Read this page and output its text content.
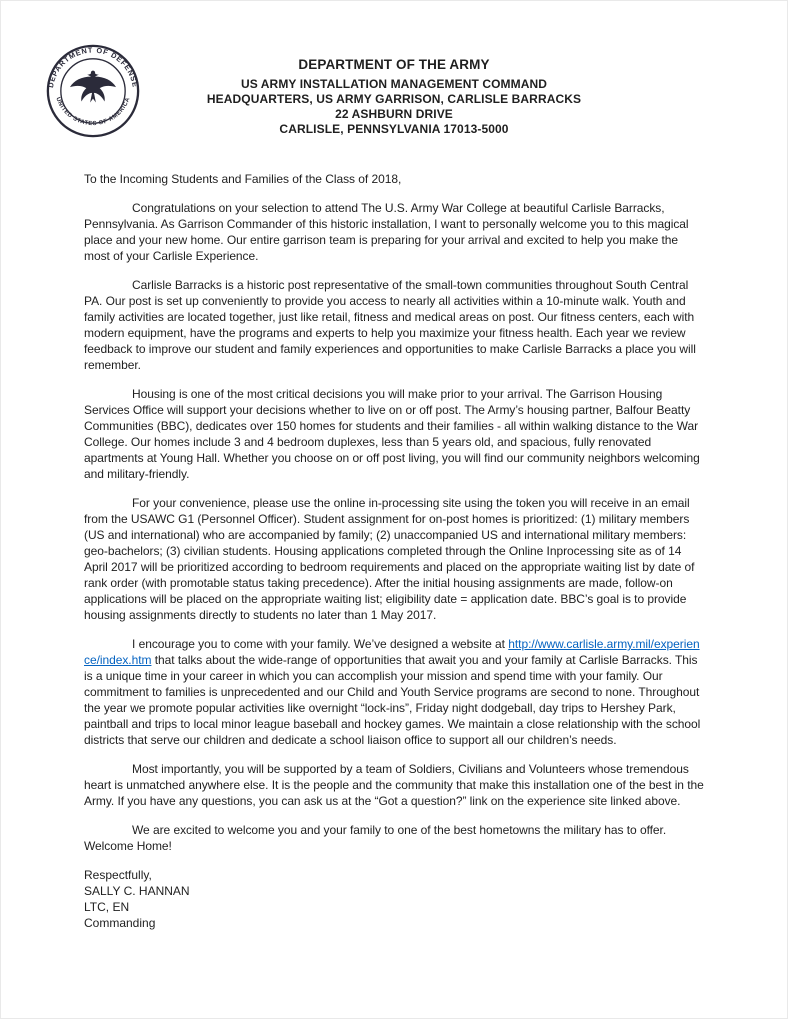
DEPARTMENT OF DEFENSE
UNITED STATES OF AMERICA
DEPARTMENT OF THE ARMY
US ARMY INSTALLATION MANAGEMENT COMMAND
HEADQUARTERS, US ARMY GARRISON, CARLISLE BARRACKS
22 ASHBURN DRIVE
CARLISLE, PENNSYLVANIA 17013-5000

To the Incoming Students and Families of the Class of 2018,

Congratulations on your selection to attend The U.S. Army War College at beautiful Carlisle Barracks, Pennsylvania. As Garrison Commander of this historic installation, I want to personally welcome you to this magical place and your new home. Our entire garrison team is preparing for your arrival and excited to help you make the most of your Carlisle Experience.

Carlisle Barracks is a historic post representative of the small-town communities throughout South Central PA. Our post is set up conveniently to provide you access to nearly all activities within a 10-minute walk. Youth and family activities are located together, just like retail, fitness and medical areas on post. Our fitness centers, each with modern equipment, have the programs and experts to help you maximize your fitness health. Each year we review feedback to improve our student and family experiences and opportunities to make Carlisle Barracks a place you will remember.

Housing is one of the most critical decisions you will make prior to your arrival. The Garrison Housing Services Office will support your decisions whether to live on or off post. The Army’s housing partner, Balfour Beatty Communities (BBC), dedicates over 150 homes for students and their families - all within walking distance to the War College. Our homes include 3 and 4 bedroom duplexes, less than 5 years old, and spacious, fully renovated apartments at Young Hall. Whether you choose on or off post living, you will find our community neighbors welcoming and military-friendly.

For your convenience, please use the online in-processing site using the token you will receive in an email from the USAWC G1 (Personnel Officer). Student assignment for on-post homes is prioritized: (1) military members (US and international) who are accompanied by family; (2) unaccompanied US and international military members: geo-bachelors; (3) civilian students. Housing applications completed through the Online Inprocessing site as of 14 April 2017 will be prioritized according to bedroom requirements and placed on the appropriate waiting list by date of rank order (with promotable status taking precedence). After the initial housing assignments are made, follow-on applications will be placed on the appropriate waiting list; eligibility date = application date. BBC’s goal is to provide housing assignments directly to students no later than 1 May 2017.

I encourage you to come with your family. We’ve designed a website at http://www.carlisle.army.mil/experience/index.htm that talks about the wide-range of opportunities that await you and your family at Carlisle Barracks. This is a unique time in your career in which you can accomplish your mission and spend time with your family. Our commitment to families is unprecedented and our Child and Youth Service programs are second to none. Throughout the year we promote popular activities like overnight “lock-ins”, Friday night dodgeball, day trips to Hershey Park, paintball and trips to local minor league baseball and hockey games. We maintain a close relationship with the school districts that serve our children and dedicate a school liaison office to support all our children’s needs.

Most importantly, you will be supported by a team of Soldiers, Civilians and Volunteers whose tremendous heart is unmatched anywhere else. It is the people and the community that make this installation one of the best in the Army. If you have any questions, you can ask us at the “Got a question?” link on the experience site linked above.

We are excited to welcome you and your family to one of the best hometowns the military has to offer. Welcome Home!

Respectfully,
SALLY C. HANNAN
LTC, EN
Commanding
